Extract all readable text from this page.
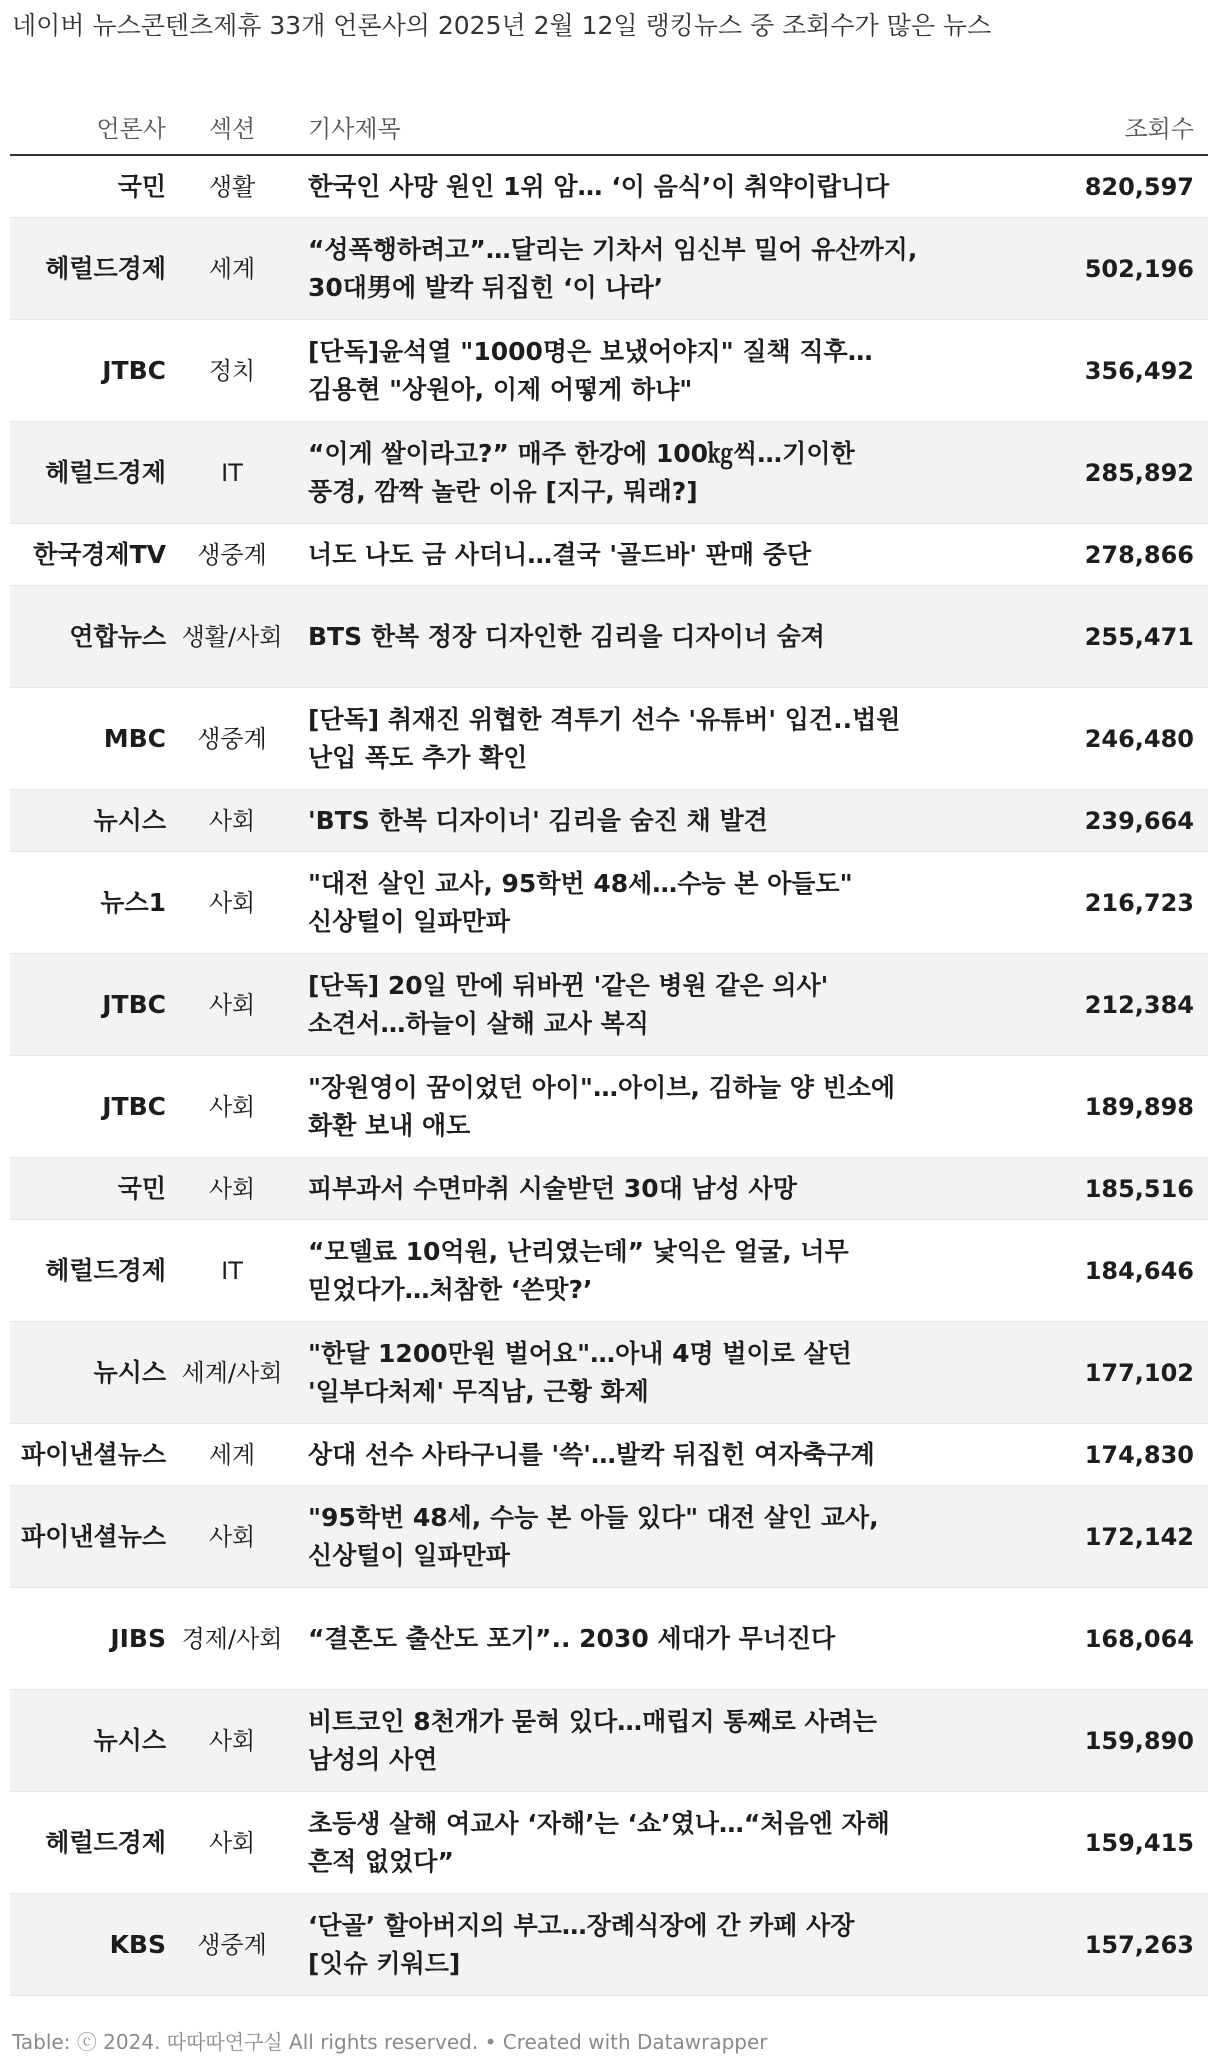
네이버 뉴스콘텐츠제휴 33개 언론사의 2025년 2월 12일 랭킹뉴스 중 조회수가 많은 뉴스
언론사	섹션	기사제목	조회수
국민	생활	한국인 사망 원인 1위 암… ‘이 음식’이 취약이랍니다	820,597
헤럴드경제	세계	“성폭행하려고”…달리는 기차서 임신부 밀어 유산까지, 30대男에 발칵 뒤집힌 ‘이 나라’	502,196
JTBC	정치	[단독]윤석열 "1000명은 보냈어야지" 질책 직후…김용현 "상원아, 이제 어떻게 하냐"	356,492
헤럴드경제	IT	“이게 쌀이라고?” 매주 한강에 100㎏씩…기이한 풍경, 깜짝 놀란 이유 [지구, 뭐래?]	285,892
한국경제TV	생중계	너도 나도 금 사더니…결국 '골드바' 판매 중단	278,866
연합뉴스	생활/사회	BTS 한복 정장 디자인한 김리을 디자이너 숨져	255,471
MBC	생중계	[단독] 취재진 위협한 격투기 선수 '유튜버' 입건..법원 난입 폭도 추가 확인	246,480
뉴시스	사회	'BTS 한복 디자이너' 김리을 숨진 채 발견	239,664
뉴스1	사회	"대전 살인 교사, 95학번 48세…수능 본 아들도" 신상털이 일파만파	216,723
JTBC	사회	[단독] 20일 만에 뒤바뀐 '같은 병원 같은 의사' 소견서…하늘이 살해 교사 복직	212,384
JTBC	사회	"장원영이 꿈이었던 아이"…아이브, 김하늘 양 빈소에 화환 보내 애도	189,898
국민	사회	피부과서 수면마취 시술받던 30대 남성 사망	185,516
헤럴드경제	IT	“모델료 10억원, 난리였는데” 낯익은 얼굴, 너무 믿었다가…처참한 ‘쓴맛?’	184,646
뉴시스	세계/사회	"한달 1200만원 벌어요"…아내 4명 벌이로 살던 '일부다처제' 무직남, 근황 화제	177,102
파이낸셜뉴스	세계	상대 선수 사타구니를 '쓱'…발칵 뒤집힌 여자축구계	174,830
파이낸셜뉴스	사회	"95학번 48세, 수능 본 아들 있다" 대전 살인 교사, 신상털이 일파만파	172,142
JIBS	경제/사회	“결혼도 출산도 포기”.. 2030 세대가 무너진다	168,064
뉴시스	사회	비트코인 8천개가 묻혀 있다…매립지 통째로 사려는 남성의 사연	159,890
헤럴드경제	사회	초등생 살해 여교사 ‘자해’는 ‘쇼’였나…“처음엔 자해 흔적 없었다”	159,415
KBS	생중계	‘단골’ 할아버지의 부고…장례식장에 간 카페 사장 [잇슈 키워드]	157,263
Table: ⓒ 2024. 따따따연구실 All rights reserved. • Created with Datawrapper
